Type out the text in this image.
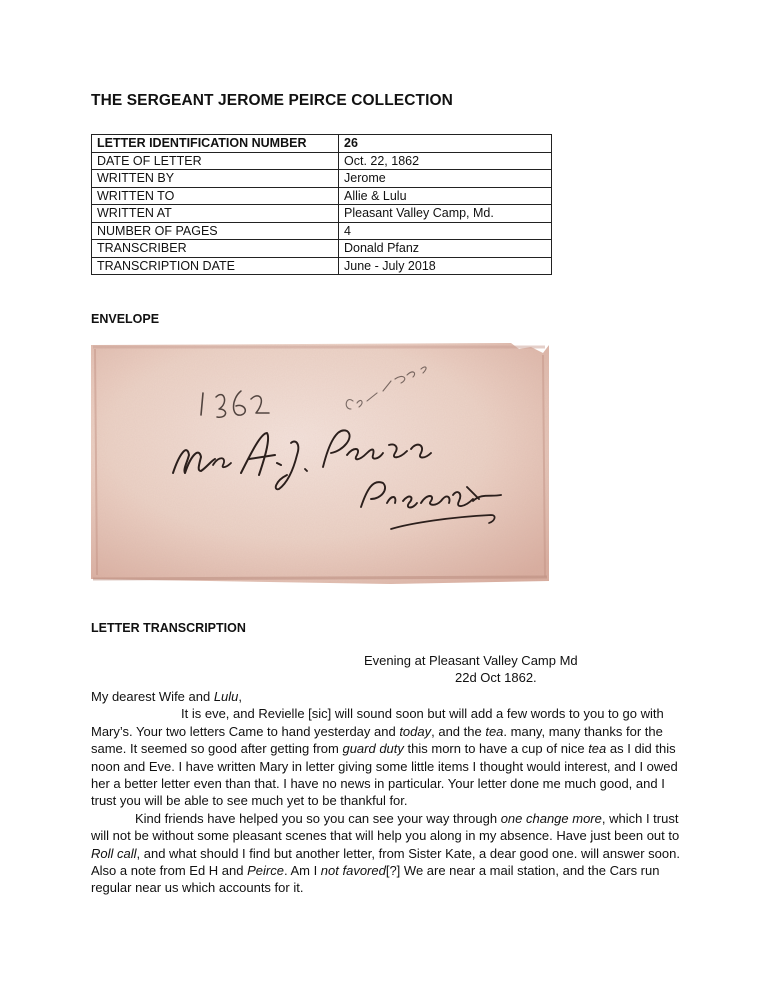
THE SERGEANT JEROME PEIRCE COLLECTION
LETTER IDENTIFICATION NUMBER	26
DATE OF LETTER	Oct. 22, 1862
WRITTEN BY	Jerome
WRITTEN TO	Allie & Lulu
WRITTEN AT	Pleasant Valley Camp, Md.
NUMBER OF PAGES	4
TRANSCRIBER	Donald Pfanz
TRANSCRIPTION DATE	June - July 2018
ENVELOPE
LETTER TRANSCRIPTION
Evening at Pleasant Valley Camp Md
22d Oct 1862.

My dearest Wife and Lulu,

It is eve, and Revielle [sic] will sound soon but will add a few words to you to go with Mary’s. Your two letters Came to hand yesterday and today, and the tea. many, many thanks for the same. It seemed so good after getting from guard duty this morn to have a cup of nice tea as I did this noon and Eve. I have written Mary in letter giving some little items I thought would interest, and I owed her a better letter even than that. I have no news in particular. Your letter done me much good, and I trust you will be able to see much yet to be thankful for.

Kind friends have helped you so you can see your way through one change more, which I trust will not be without some pleasant scenes that will help you along in my absence. Have just been out to Roll call, and what should I find but another letter, from Sister Kate, a dear good one. will answer soon. Also a note from Ed H and Peirce. Am I not favored[?] We are near a mail station, and the Cars run regular near us which accounts for it.
